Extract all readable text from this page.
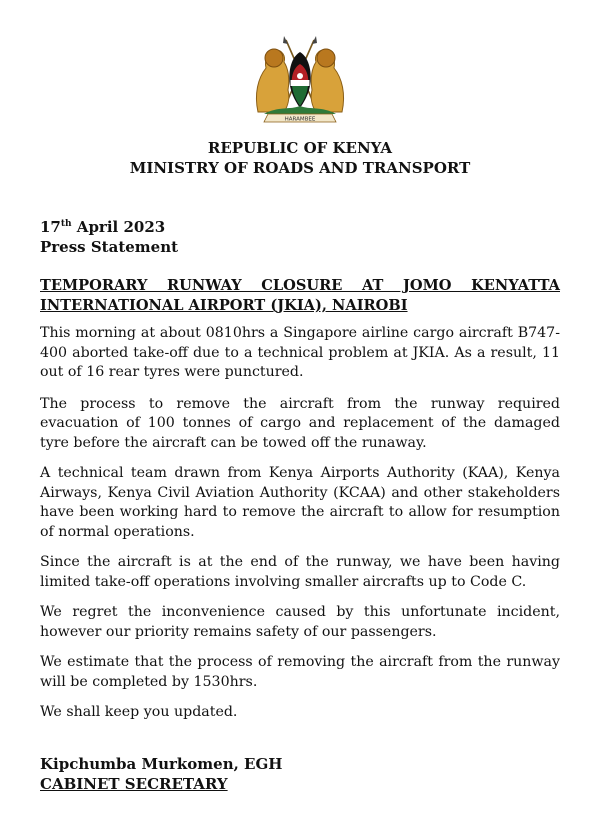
HARAMBEE
REPUBLIC OF KENYA
MINISTRY OF ROADS AND TRANSPORT
17th April 2023
Press Statement
TEMPORARY RUNWAY CLOSURE AT JOMO KENYATTA
INTERNATIONAL AIRPORT (JKIA), NAIROBI

This morning at about 0810hrs a Singapore airline cargo aircraft B747-400 aborted take-off due to a technical problem at JKIA. As a result, 11 out of 16 rear tyres were punctured.

The process to remove the aircraft from the runway required evacuation of 100 tonnes of cargo and replacement of the damaged tyre before the aircraft can be towed off the runaway.

A technical team drawn from Kenya Airports Authority (KAA), Kenya Airways, Kenya Civil Aviation Authority (KCAA) and other stakeholders have been working hard to remove the aircraft to allow for resumption of normal operations.

Since the aircraft is at the end of the runway, we have been having limited take-off operations involving smaller aircrafts up to Code C.

We regret the inconvenience caused by this unfortunate incident, however our priority remains safety of our passengers.

We estimate that the process of removing the aircraft from the runway will be completed by 1530hrs.

We shall keep you updated.

Kipchumba Murkomen, EGH
CABINET SECRETARY
